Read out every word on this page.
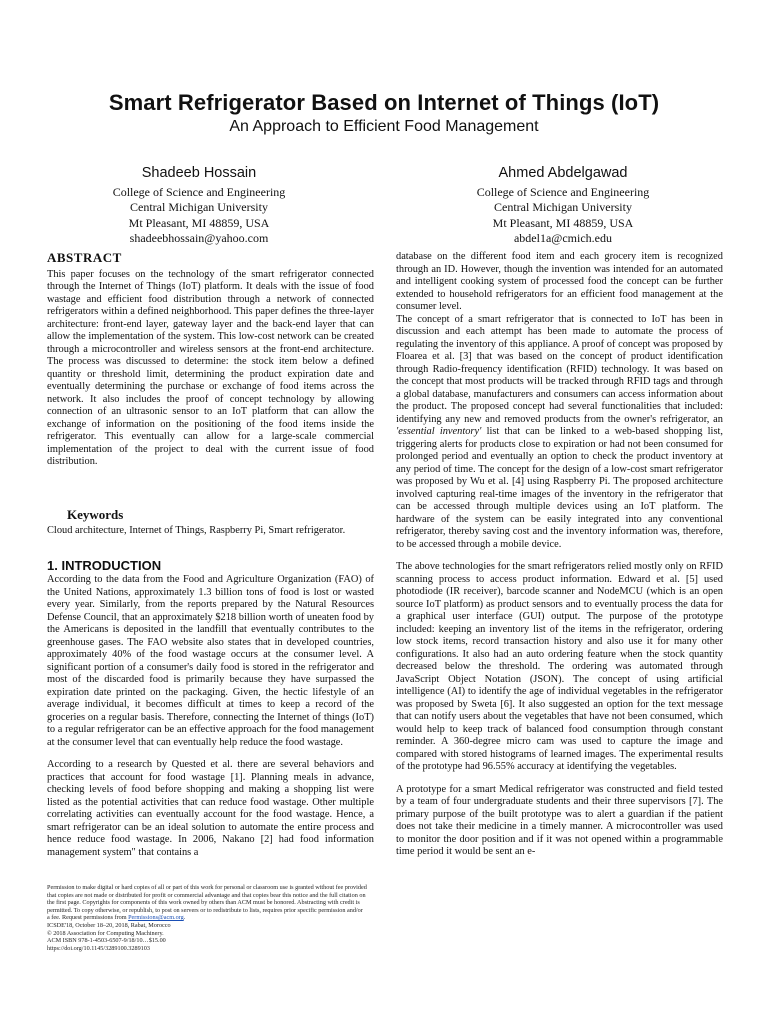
Smart Refrigerator Based on Internet of Things (IoT)
An Approach to Efficient Food Management
Shadeeb Hossain
College of Science and Engineering
Central Michigan University
Mt Pleasant, MI 48859, USA
shadeebhossain@yahoo.com
Ahmed Abdelgawad
College of Science and Engineering
Central Michigan University
Mt Pleasant, MI 48859, USA
abdel1a@cmich.edu
ABSTRACT

This paper focuses on the technology of the smart refrigerator connected through the Internet of Things (IoT) platform. It deals with the issue of food wastage and efficient food distribution through a network of connected refrigerators within a defined neighborhood. This paper defines the three-layer architecture: front-end layer, gateway layer and the back-end layer that can allow the implementation of the system. This low-cost network can be created through a microcontroller and wireless sensors at the front-end architecture. The process was discussed to determine: the stock item below a defined quantity or threshold limit, determining the product expiration date and eventually determining the purchase or exchange of food items across the network. It also includes the proof of concept technology by allowing connection of an ultrasonic sensor to an IoT platform that can allow the exchange of information on the positioning of the food items inside the refrigerator. This eventually can allow for a large-scale commercial implementation of the project to deal with the current issue of food distribution.

Keywords

Cloud architecture, Internet of Things, Raspberry Pi, Smart refrigerator.

1. INTRODUCTION

According to the data from the Food and Agriculture Organization (FAO) of the United Nations, approximately 1.3 billion tons of food is lost or wasted every year. Similarly, from the reports prepared by the Natural Resources Defense Council, that an approximately $218 billion worth of uneaten food by the Americans is deposited in the landfill that eventually contributes to the greenhouse gases. The FAO website also states that in developed countries, approximately 40% of the food wastage occurs at the consumer level. A significant portion of a consumer's daily food is stored in the refrigerator and most of the discarded food is primarily because they have surpassed the expiration date printed on the packaging. Given, the hectic lifestyle of an average individual, it becomes difficult at times to keep a record of the groceries on a regular basis. Therefore, connecting the Internet of things (IoT) to a regular refrigerator can be an effective approach for the food management at the consumer level that can eventually help reduce the food wastage.

According to a research by Quested et al. there are several behaviors and practices that account for food wastage [1]. Planning meals in advance, checking levels of food before shopping and making a shopping list were listed as the potential activities that can reduce food wastage. Other multiple correlating activities can eventually account for the food wastage. Hence, a smart refrigerator can be an ideal solution to automate the entire process and hence reduce food wastage. In 2006, Nakano [2] had food information management system" that contains a

database on the different food item and each grocery item is recognized through an ID. However, though the invention was intended for an automated and intelligent cooking system of processed food the concept can be further extended to household refrigerators for an efficient food management at the consumer level.

The concept of a smart refrigerator that is connected to IoT has been in discussion and each attempt has been made to automate the process of regulating the inventory of this appliance. A proof of concept was proposed by Floarea et al. [3] that was based on the concept of product identification through Radio-frequency identification (RFID) technology. It was based on the concept that most products will be tracked through RFID tags and through a global database, manufacturers and consumers can access information about the product. The proposed concept had several functionalities that included: identifying any new and removed products from the owner's refrigerator, an 'essential inventory' list that can be linked to a web-based shopping list, triggering alerts for products close to expiration or had not been consumed for prolonged period and eventually an option to check the product inventory at any period of time. The concept for the design of a low-cost smart refrigerator was proposed by Wu et al. [4] using Raspberry Pi. The proposed architecture involved capturing real-time images of the inventory in the refrigerator that can be accessed through multiple devices using an IoT platform. The hardware of the system can be easily integrated into any conventional refrigerator, thereby saving cost and the inventory information was, therefore, to be accessed through a mobile device.

The above technologies for the smart refrigerators relied mostly only on RFID scanning process to access product information. Edward et al. [5] used photodiode (IR receiver), barcode scanner and NodeMCU (which is an open source IoT platform) as product sensors and to eventually process the data for a graphical user interface (GUI) output. The purpose of the prototype included: keeping an inventory list of the items in the refrigerator, ordering low stock items, record transaction history and also use it for many other configurations. It also had an auto ordering feature when the stock quantity decreased below the threshold. The ordering was automated through JavaScript Object Notation (JSON). The concept of using artificial intelligence (AI) to identify the age of individual vegetables in the refrigerator was proposed by Sweta [6]. It also suggested an option for the text message that can notify users about the vegetables that have not been consumed, which would help to keep track of balanced food consumption through constant reminder. A 360-degree micro cam was used to capture the image and compared with stored histograms of learned images. The experimental results of the prototype had 96.55% accuracy at identifying the vegetables.

A prototype for a smart Medical refrigerator was constructed and field tested by a team of four undergraduate students and their three supervisors [7]. The primary purpose of the built prototype was to alert a guardian if the patient does not take their medicine in a timely manner. A microcontroller was used to monitor the door position and if it was not opened within a programmable time period it would be sent an e-

Permission to make digital or hard copies of all or part of this work for personal or classroom use is granted without fee provided that copies are not made or distributed for profit or commercial advantage and that copies bear this notice and the full citation on the first page. Copyrights for components of this work owned by others than ACM must be honored. Abstracting with credit is permitted. To copy otherwise, or republish, to post on servers or to redistribute to lists, requires prior specific permission and/or a fee. Request permissions from Permissions@acm.org.

ICSDE'18, October 18–20, 2018, Rabat, Morocco

© 2018 Association for Computing Machinery.

ACM ISBN 978-1-4503-6507-9/18/10…$15.00

https://doi.org/10.1145/3289100.3289103
